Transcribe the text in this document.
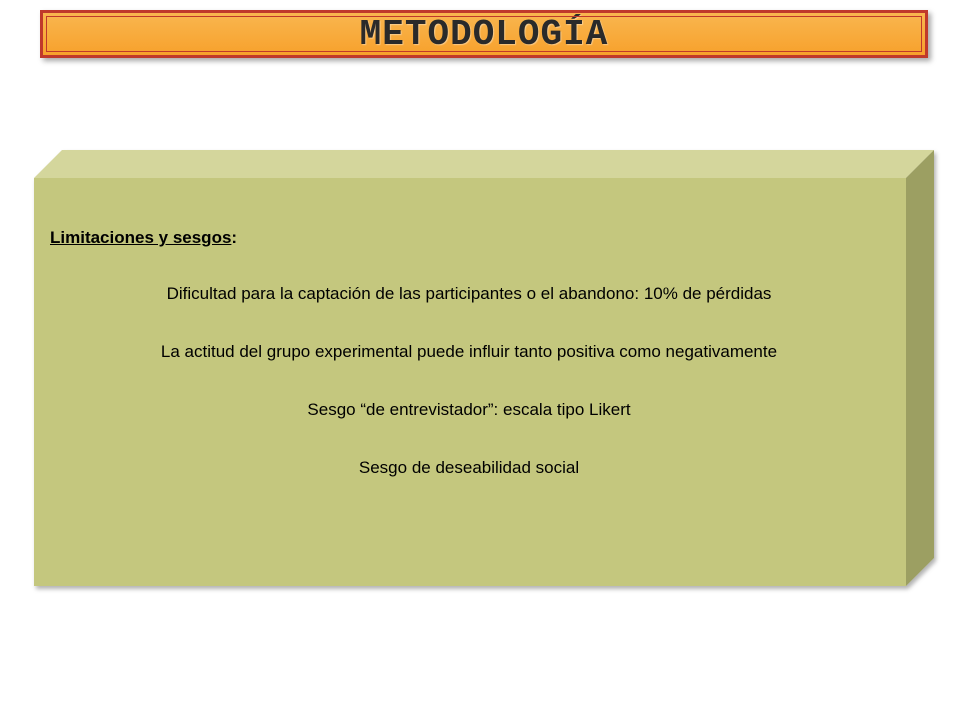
METODOLOGÍA
Limitaciones y sesgos:
Dificultad para la captación de las participantes o el abandono: 10% de pérdidas
La actitud del grupo experimental puede influir tanto positiva como negativamente
Sesgo “de entrevistador”: escala tipo Likert
Sesgo de deseabilidad social
